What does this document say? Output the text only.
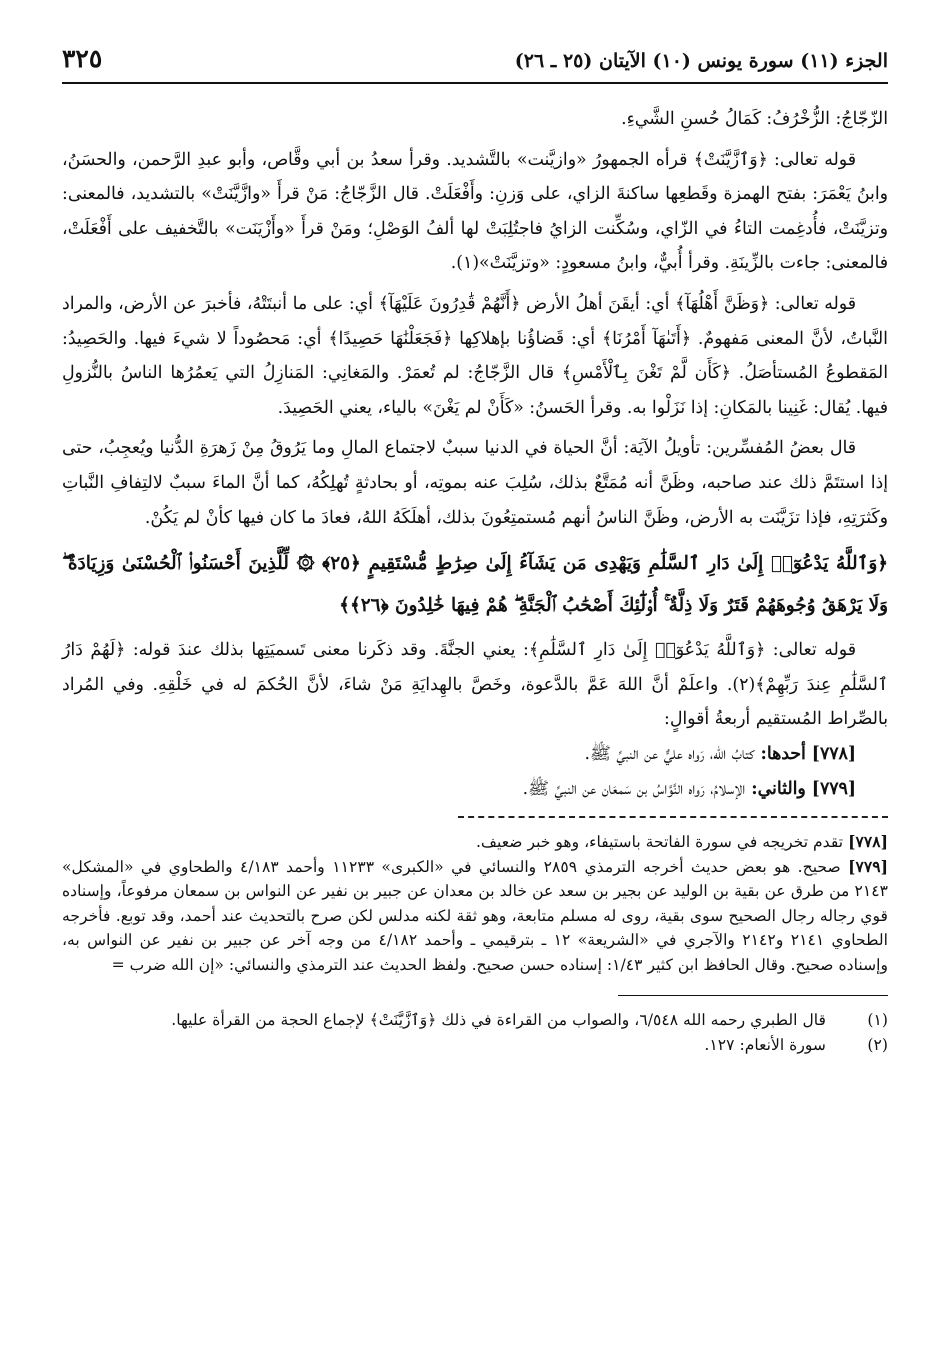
الجزء (١١) سورة يونس (١٠) الآيتان (٢٥ ـ ٢٦)
٣٢٥

الزّجّاجُ: الزُّخْرُفُ: كَمَالُ حُسنِ الشَّيءِ.

قوله تعالى: ﴿وَٱزَّيَّنَتْ﴾ قرأه الجمهورُ «وازيَّنت» بالتَّشديد. وقرأ سعدُ بن أبي وقَّاص، وأبو عبدِ الرَّحمن، والحسَنُ، وابنُ يَعْمَرَ: بفتح الهمزة وقَطعِها ساكنةَ الزاي، على وَزنِ: وأَفْعَلَتْ. قال الزَّجّاجُ: مَنْ قرأَ «وازَّيَّنَتْ» بالتشديد، فالمعنى: وتزيَّنَتْ، فأُدغِمت التاءُ في الزّاي، وسُكِّنت الزايُ فاجتُلِبَتْ لها ألفُ الوَصْلِ؛ ومَنْ قرأَ «وأَزْيَنَت» بالتَّخفيف على أَفْعَلَتْ، فالمعنى: جاءت بالزِّينَةِ. وقرأ أُبيٌّ، وابنُ مسعودٍ: «وتزيَّنَتْ»(١).

قوله تعالى: ﴿وَظَنَّ أَهْلُهَآ﴾ أي: أيقَنَ أهلُ الأرض ﴿أَنَّهُمْ قَٰدِرُونَ عَلَيْهَآ﴾ أي: على ما أنبتَتْهُ، فأخبرَ عن الأرض، والمراد النَّباتُ، لأنَّ المعنى مَفهومٌ. ﴿أَتَىٰهَآ أَمْرُنَا﴾ أي: قَضاؤُنا بإهلاكِها ﴿فَجَعَلْنَٰهَا حَصِيدًا﴾ أي: مَحصُوداً لا شيءَ فيها. والحَصِيدُ: المَقطوعُ المُستأصَلُ. ﴿كَأَن لَّمْ تَغْنَ بِٱلْأَمْسِ﴾ قال الزَّجّاجُ: لم تُعمَرْ. والمَغانِي: المَنازِلُ التي يَعمُرُها الناسُ بالنُّزولِ فيها. يُقال: غَنِينا بالمَكانِ: إذا نَزَلْوا به. وقرأ الحَسنُ: «كَأَنْ لم يَغْنَ» بالياء، يعني الحَصِيدَ.

قال بعضُ المُفسِّرين: تأويلُ الآيَة: أنَّ الحياة في الدنيا سببٌ لاجتماع المالِ وما يَرُوقُ مِنْ زَهرَةِ الدُّنيا ويُعجِبُ، حتى إذا استتَمَّ ذلك عند صاحبه، وظَنَّ أنه مُمَتَّعٌ بذلك، سُلِبَ عنه بموتِه، أو بحادثةٍ تُهلِكُهُ، كما أنَّ الماءَ سببٌ لالتِفافِ النَّباتِ وكَثرَتِهِ، فإذا تزَيَّنَت به الأرض، وظَنَّ الناسُ أنهم مُستمتِعُونَ بذلك، أهلَكَهُ اللهُ، فعادَ ما كان فيها كأنْ لم يَكُنْ.

﴿وَٱللَّهُ يَدْعُوٓا۟ إِلَىٰ دَارِ ٱلسَّلَٰمِ وَيَهْدِى مَن يَشَآءُ إِلَىٰ صِرَٰطٍ مُّسْتَقِيمٍ ﴿٢٥﴾ ۞ لِّلَّذِينَ أَحْسَنُوا۟ ٱلْحُسْنَىٰ وَزِيَادَةٌ ۖ وَلَا يَرْهَقُ وُجُوهَهُمْ قَتَرٌ وَلَا ذِلَّةٌ ۚ أُو۟لَٰٓئِكَ أَصْحَٰبُ ٱلْجَنَّةِ ۖ هُمْ فِيهَا خَٰلِدُونَ ﴿٢٦﴾﴾

قوله تعالى: ﴿وَٱللَّهُ يَدْعُوٓا۟ إِلَىٰ دَارِ ٱلسَّلَٰمِ﴾: يعني الجنَّةَ. وقد ذكَرنا معنى تَسميَتِها بذلك عندَ قوله: ﴿لَهُمْ دَارُ ٱلسَّلَٰمِ عِندَ رَبِّهِمْ﴾(٢). واعلَمْ أنَّ اللهَ عَمَّ بالدَّعوة، وخَصَّ بالهِدايَةِ مَنْ شاءَ، لأنَّ الحُكمَ له في خَلْقِهِ. وفي المُراد بالصِّراط المُستقيم أربعةُ أقوالٍ:

[٧٧٨] أحدها: كتابُ الله، رَواه عليٌّ عن النبيِّ ﷺ.

[٧٧٩] والثاني: الإسلامُ، رَواه النَّوَّاسُ بن سَمعَان عن النبيِّ ﷺ.

[٧٧٨] تقدم تخريجه في سورة الفاتحة باستيفاء، وهو خبر ضعيف.

[٧٧٩] صحيح. هو بعض حديث أخرجه الترمذي ٢٨٥٩ والنسائي في «الكبرى» ١١٢٣٣ وأحمد ٤/١٨٣ والطحاوي في «المشكل» ٢١٤٣ من طرق عن بقية بن الوليد عن بجير بن سعد عن خالد بن معدان عن جبير بن نفير عن النواس بن سمعان مرفوعاً، وإسناده قوي رجاله رجال الصحيح سوى بقية، روى له مسلم متابعة، وهو ثقة لكنه مدلس لكن صرح بالتحديث عند أحمد، وقد توبع. فأخرجه الطحاوي ٢١٤١ و٢١٤٢ والآجري في «الشريعة» ١٢ ـ بترقيمي ـ وأحمد ٤/١٨٢ من وجه آخر عن جبير بن نفير عن النواس به، وإسناده صحيح. وقال الحافظ ابن كثير ١/٤٣: إسناده حسن صحيح. ولفظ الحديث عند الترمذي والنسائي: «إن الله ضرب =

(١)
قال الطبري رحمه الله ٦/٥٤٨، والصواب من القراءة في ذلك ﴿وَٱزَّيَّنَتْ﴾ لإجماع الحجة من القرأة عليها.
(٢)
سورة الأنعام: ١٢٧.
